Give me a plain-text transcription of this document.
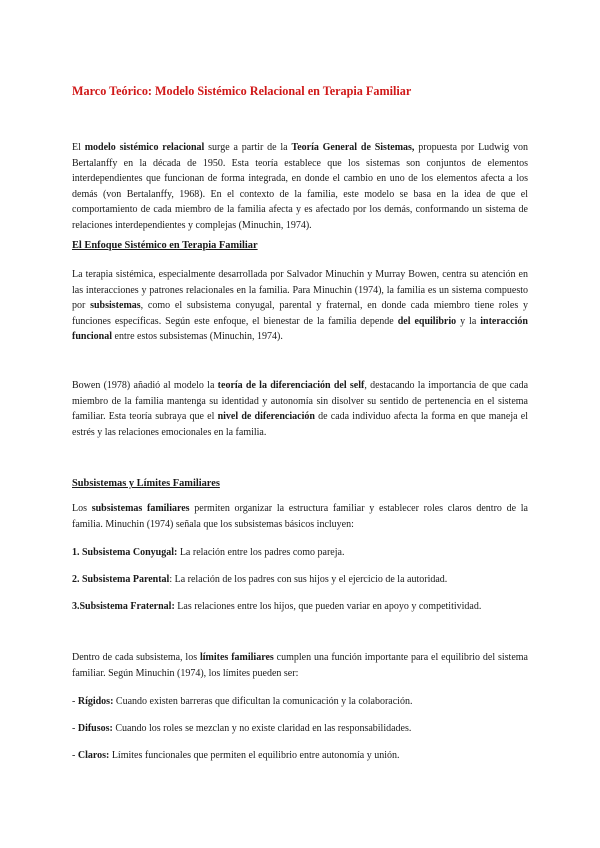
Marco Teórico: Modelo Sistémico Relacional en Terapia Familiar

El modelo sistémico relacional surge a partir de la Teoría General de Sistemas, propuesta por Ludwig von Bertalanffy en la década de 1950. Esta teoría establece que los sistemas son conjuntos de elementos interdependientes que funcionan de forma integrada, en donde el cambio en uno de los elementos afecta a los demás (von Bertalanffy, 1968). En el contexto de la familia, este modelo se basa en la idea de que el comportamiento de cada miembro de la familia afecta y es afectado por los demás, conformando un sistema de relaciones interdependientes y complejas (Minuchin, 1974).

El Enfoque Sistémico en Terapia Familiar

La terapia sistémica, especialmente desarrollada por Salvador Minuchin y Murray Bowen, centra su atención en las interacciones y patrones relacionales en la familia. Para Minuchin (1974), la familia es un sistema compuesto por subsistemas, como el subsistema conyugal, parental y fraternal, en donde cada miembro tiene roles y funciones específicas. Según este enfoque, el bienestar de la familia depende del equilibrio y la interacción funcional entre estos subsistemas (Minuchin, 1974).

Bowen (1978) añadió al modelo la teoría de la diferenciación del self, destacando la importancia de que cada miembro de la familia mantenga su identidad y autonomía sin disolver su sentido de pertenencia en el sistema familiar. Esta teoría subraya que el nivel de diferenciación de cada individuo afecta la forma en que maneja el estrés y las relaciones emocionales en la familia.

Subsistemas y Límites Familiares

Los subsistemas familiares permiten organizar la estructura familiar y establecer roles claros dentro de la familia. Minuchin (1974) señala que los subsistemas básicos incluyen:

1. Subsistema Conyugal: La relación entre los padres como pareja.

2. Subsistema Parental: La relación de los padres con sus hijos y el ejercicio de la autoridad.

3.Subsistema Fraternal: Las relaciones entre los hijos, que pueden variar en apoyo y competitividad.

Dentro de cada subsistema, los límites familiares cumplen una función importante para el equilibrio del sistema familiar. Según Minuchin (1974), los límites pueden ser:

- Rígidos: Cuando existen barreras que dificultan la comunicación y la colaboración.

- Difusos: Cuando los roles se mezclan y no existe claridad en las responsabilidades.

- Claros: Límites funcionales que permiten el equilibrio entre autonomía y unión.
